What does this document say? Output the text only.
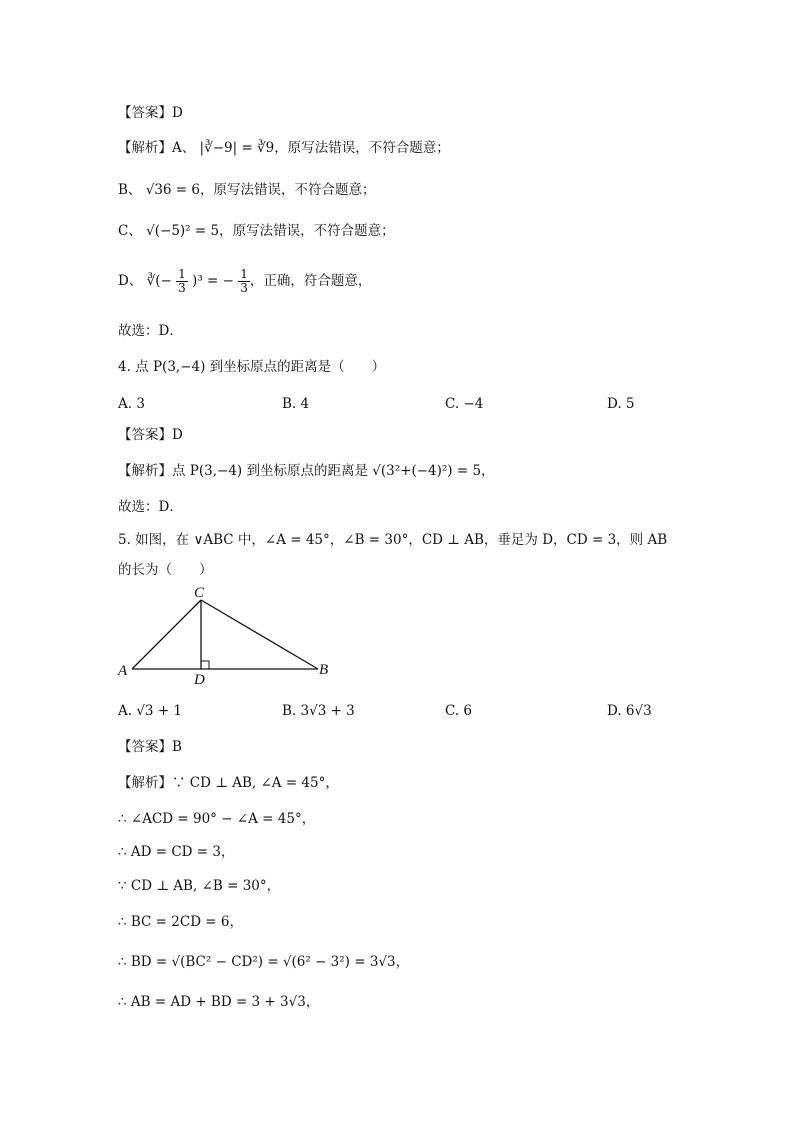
【答案】D
【解析】A、 |∛−9| = ∛9，原写法错误，不符合题意；
B、 √36 = 6，原写法错误，不符合题意；
C、 √(−5)² = 5，原写法错误，不符合题意；
D、 ∛(− $\frac{1}{3} )^3$ = − $\frac{1}{3}$ ，正确，符合题意，
故选：D．
4. 点 P(3,−4) 到坐标原点的距离是（　　）
A. 3	B. 4	C. −4	D. 5
【答案】D
【解析】点 P(3,−4) 到坐标原点的距离是 √(3²+(−4)²) = 5，
故选：D．
5. 如图，在 ∨ABC 中，∠A = 45°，∠B = 30°，CD ⊥ AB，垂足为 D，CD = 3，则 AB
的长为（　　）
C
A	B
D
A. √3 + 1	B. 3√3 + 3	C. 6	D. 6√3
【答案】B
【解析】∵ CD ⊥ AB, ∠A = 45°，
∴ ∠ACD = 90° − ∠A = 45°，
∴ AD = CD = 3，
∵ CD ⊥ AB, ∠B = 30°，
∴ BC = 2CD = 6，
∴ BD = √(BC² − CD²) = √(6² − 3²) = 3√3，
∴ AB = AD + BD = 3 + 3√3，
